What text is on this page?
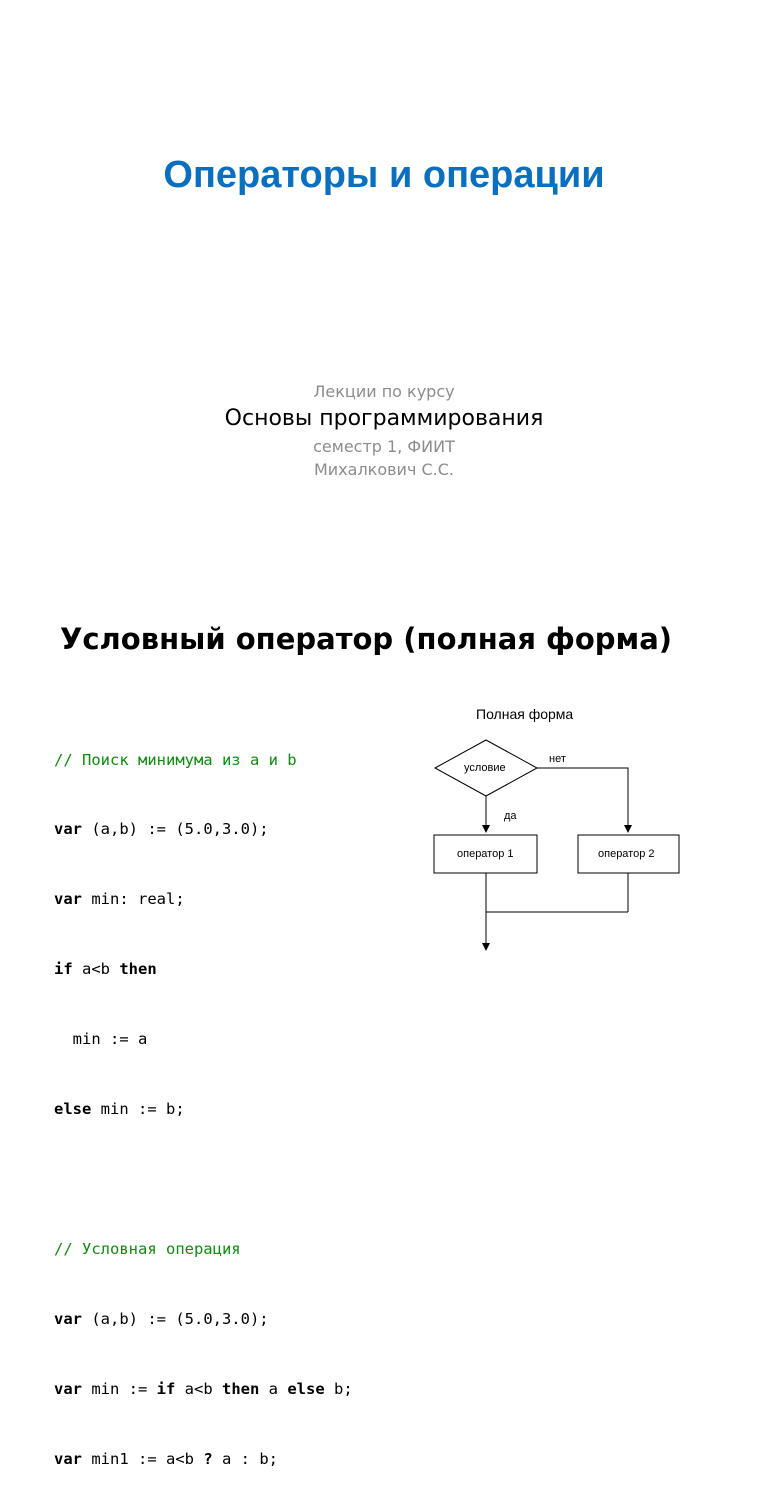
Операторы и операции
Лекции по курсу
Основы программирования
семестр 1, ФИИТ
Михалкович С.С.
Условный оператор (полная форма)

// Поиск минимума из a и b

var (a,b) := (5.0,3.0);

var min: real;

if a<b then

min := a

else min := b;

// Условная операция

var (a,b) := (5.0,3.0);

var min := if a<b then a else b;

var min1 := a<b ? a : b;

Полная форма
условие
нет
да
оператор 1	оператор 2
